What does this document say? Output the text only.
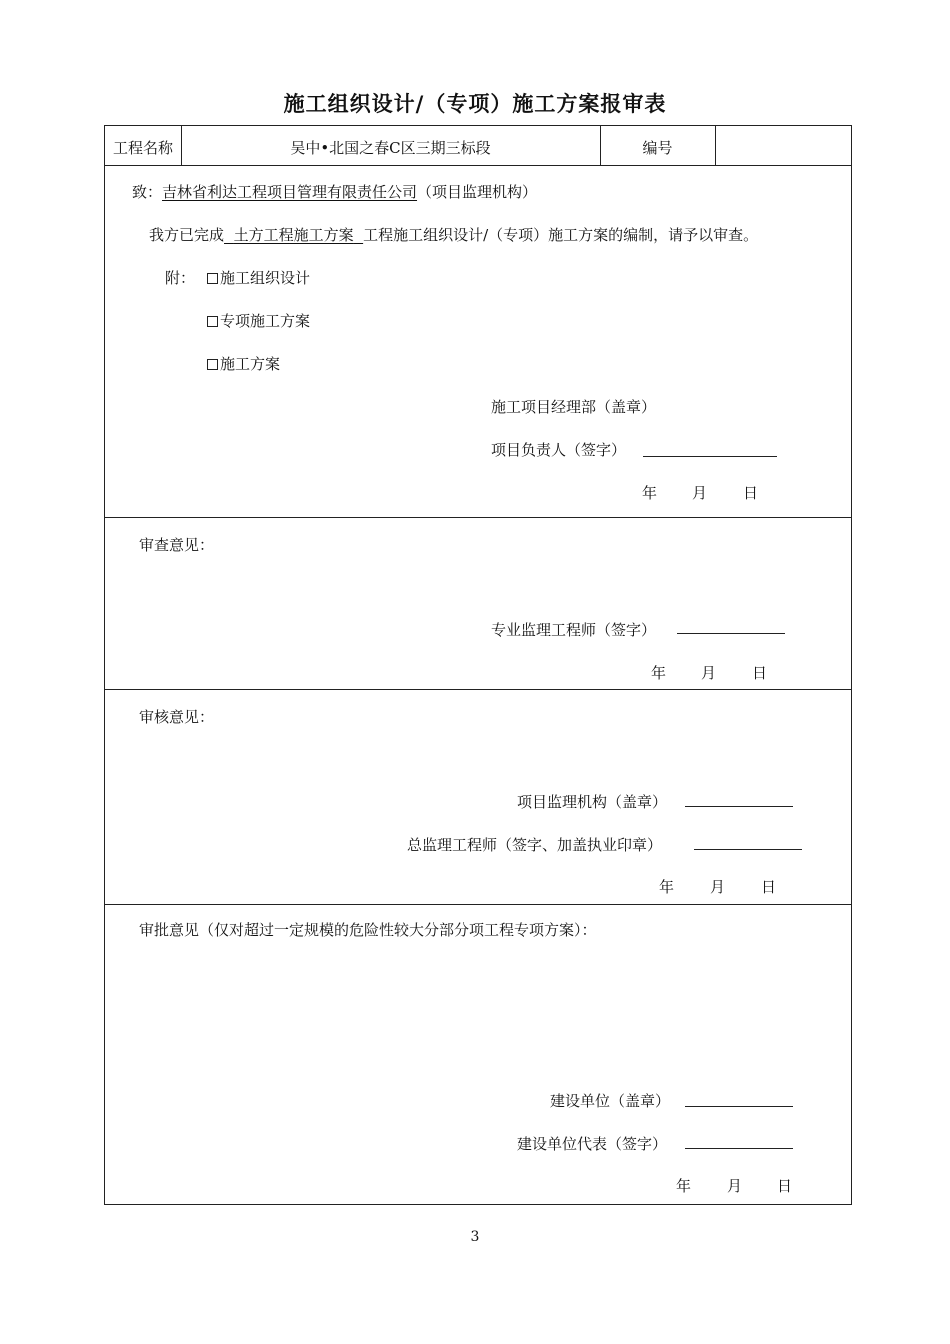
施工组织设计/（专项）施工方案报审表
工程名称	吴中•北国之春C区三期三标段	编号
致：吉林省利达工程项目管理有限责任公司（项目监理机构）
我方已完成 土方工程施工方案 工程施工组织设计/（专项）施工方案的编制，请予以审查。
附：	施工组织设计
专项施工方案
施工方案
施工项目经理部（盖章）
项目负责人（签字）
年 月 日
审查意见：
专业监理工程师（签字）
年 月 日
审核意见：
项目监理机构（盖章）
总监理工程师（签字、加盖执业印章）
年 月 日
审批意见（仅对超过一定规模的危险性较大分部分项工程专项方案）：
建设单位（盖章）
建设单位代表（签字）
年 月 日
3
